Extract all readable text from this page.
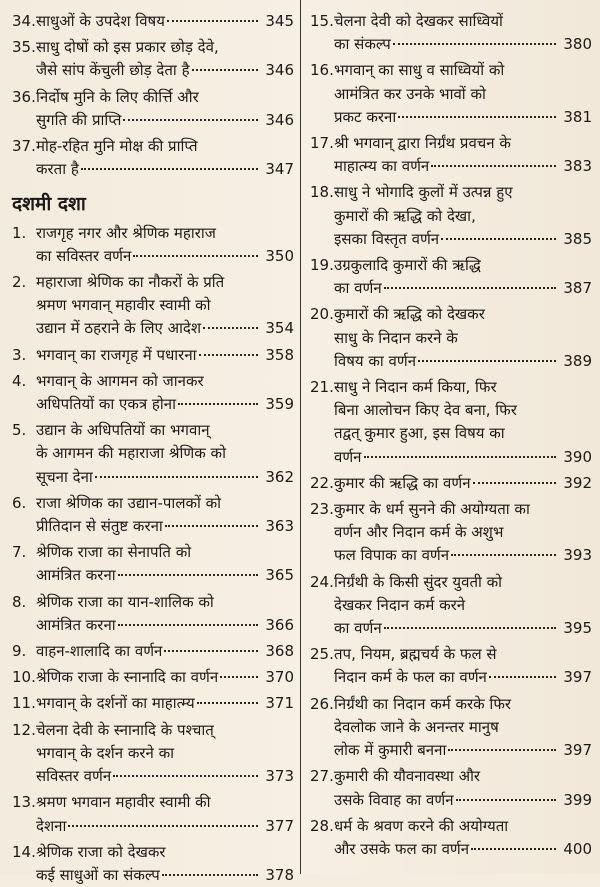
34. साधुओं के उपदेश विषय	345
35. साधु दोषों को इस प्रकार छोड़ देवे,
जैसे सांप केंचुली छोड़ देता है	346
36. निर्दोष मुनि के लिए कीर्त्ति और
सुगति की प्राप्ति	346
37. मोह-रहित मुनि मोक्ष की प्राप्ति
करता है	347
दशमी दशा
1. राजगृह नगर और श्रेणिक महाराज
का सविस्तर वर्णन	350
2. महाराजा श्रेणिक का नौकरों के प्रति
श्रमण भगवान् महावीर स्वामी को
उद्यान में ठहराने के लिए आदेश	354
3. भगवान् का राजगृह में पधारना	358
4. भगवान् के आगमन को जानकर
अधिपतियों का एकत्र होना	359
5. उद्यान के अधिपतियों का भगवान्
के आगमन की महाराजा श्रेणिक को
सूचना देना	362
6. राजा श्रेणिक का उद्यान-पालकों को
प्रीतिदान से संतुष्ट करना	363
7. श्रेणिक राजा का सेनापति को
आमंत्रित करना	365
8. श्रेणिक राजा का यान-शालिक को
आमंत्रित करना	366
9. वाहन-शालादि का वर्णन	368
10. श्रेणिक राजा के स्नानादि का वर्णन	370
11. भगवान् के दर्शनों का माहात्म्य	371
12. चेलना देवी के स्नानादि के पश्चात्
भगवान् के दर्शन करने का
सविस्तर वर्णन	373
13. श्रमण भगवान महावीर स्वामी की
देशना	377
14. श्रेणिक राजा को देखकर
कई साधुओं का संकल्प	378
15. चेलना देवी को देखकर साध्वियों
का संकल्प	380
16. भगवान् का साधु व साध्वियों को
आमंत्रित कर उनके भावों को
प्रकट करना	381
17. श्री भगवान् द्वारा निर्ग्रंथ प्रवचन के
माहात्म्य का वर्णन	383
18. साधु ने भोगादि कुलों में उत्पन्न हुए
कुमारों की ऋद्धि को देखा,
इसका विस्तृत वर्णन	385
19. उग्रकुलादि कुमारों की ऋद्धि
का वर्णन	387
20. कुमारों की ऋद्धि को देखकर
साधु के निदान करने के
विषय का वर्णन	389
21. साधु ने निदान कर्म किया, फिर
बिना आलोचन किए देव बना, फिर
तद्वत् कुमार हुआ, इस विषय का
वर्णन	390
22. कुमार की ऋद्धि का वर्णन	392
23. कुमार के धर्म सुनने की अयोग्यता का
वर्णन और निदान कर्म के अशुभ
फल विपाक का वर्णन	393
24. निर्ग्रंथी के किसी सुंदर युवती को
देखकर निदान कर्म करने
का वर्णन	395
25. तप, नियम, ब्रह्मचर्य के फल से
निदान कर्म के फल का वर्णन	397
26. निर्ग्रंथी का निदान कर्म करके फिर
देवलोक जाने के अनन्तर मानुष
लोक में कुमारी बनना	397
27. कुमारी की यौवनावस्था और
उसके विवाह का वर्णन	399
28. धर्म के श्रवण करने की अयोग्यता
और उसके फल का वर्णन	400
